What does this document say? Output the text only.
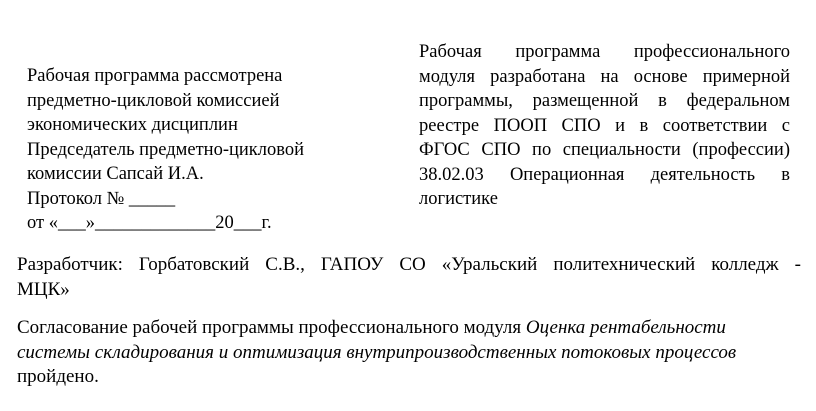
Рабочая программа рассмотрена
предметно-цикловой комиссией
экономических дисциплин
Председатель предметно-цикловой
комиссии Сапсай И.А.
Протокол № _____
от «___»_____________20___г.
Рабочая программа профессионального
модуля разработана на основе примерной
программы, размещенной в федеральном
реестре ПООП СПО и в соответствии с
ФГОС СПО по специальности (профессии)
38.02.03 Операционная деятельность в
логистике
Разработчик: Горбатовский С.В., ГАПОУ СО «Уральский политехнический колледж -
МЦК»
Согласование рабочей программы профессионального модуля Оценка рентабельности
системы складирования и оптимизация внутрипроизводственных потоковых процессов
пройдено.
